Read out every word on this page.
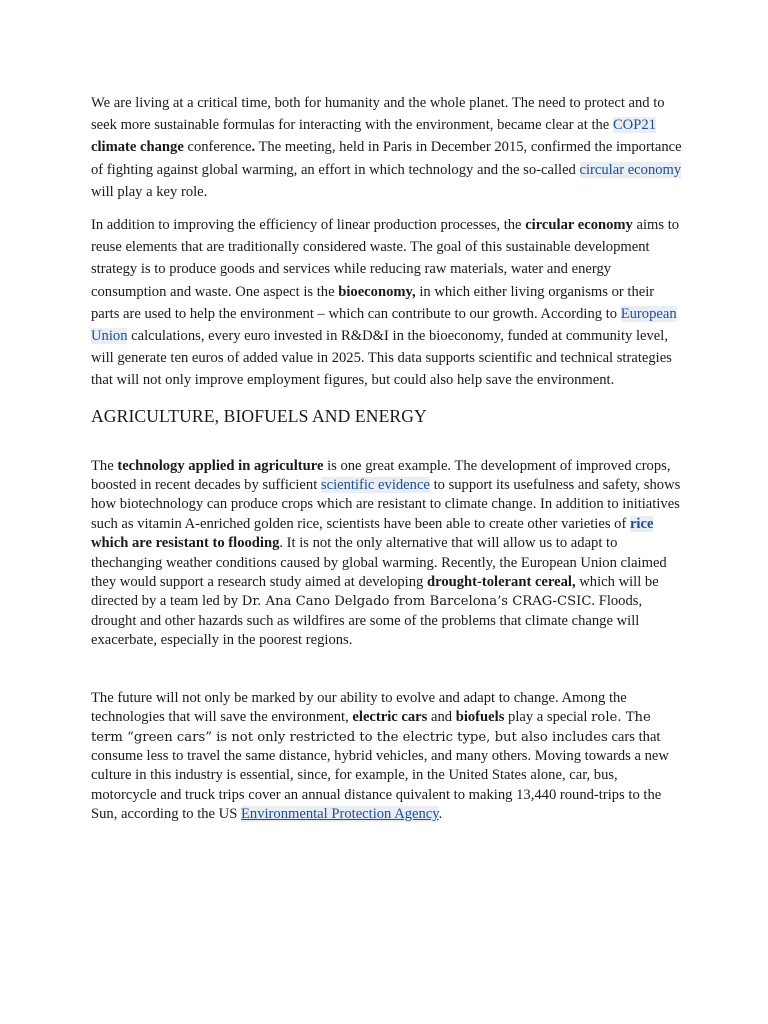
We are living at a critical time, both for humanity and the whole planet. The need to protect and to seek more sustainable formulas for interacting with the environment, became clear at the COP21 climate change conference. The meeting, held in Paris in December 2015, confirmed the importance of fighting against global warming, an effort in which technology and the so-called circular economy will play a key role.

In addition to improving the efficiency of linear production processes, the circular economy aims to reuse elements that are traditionally considered waste. The goal of this sustainable development strategy is to produce goods and services while reducing raw materials, water and energy consumption and waste. One aspect is the bioeconomy, in which either living organisms or their parts are used to help the environment – which can contribute to our growth. According to European Union calculations, every euro invested in R&D&I in the bioeconomy, funded at community level, will generate ten euros of added value in 2025. This data supports scientific and technical strategies that will not only improve employment figures, but could also help save the environment.

AGRICULTURE, BIOFUELS AND ENERGY

The technology applied in agriculture is one great example. The development of improved crops, boosted in recent decades by sufficient scientific evidence to support its usefulness and safety, shows how biotechnology can produce crops which are resistant to climate change. In addition to initiatives such as vitamin A-enriched golden rice, scientists have been able to create other varieties of rice which are resistant to flooding. It is not the only alternative that will allow us to adapt to thechanging weather conditions caused by global warming. Recently, the European Union claimed they would support a research study aimed at developing drought-tolerant cereal, which will be directed by a team led by Dr. Ana Cano Delgado from Barcelona’s CRAG-CSIC. Floods, drought and other hazards such as wildfires are some of the problems that climate change will exacerbate, especially in the poorest regions.

The future will not only be marked by our ability to evolve and adapt to change. Among the technologies that will save the environment, electric cars and biofuels play a special role. The term “green cars” is not only restricted to the electric type, but also includes cars that consume less to travel the same distance, hybrid vehicles, and many others. Moving towards a new culture in this industry is essential, since, for example, in the United States alone, car, bus, motorcycle and truck trips cover an annual distance quivalent to making 13,440 round-trips to the Sun, according to the US Environmental Protection Agency.
